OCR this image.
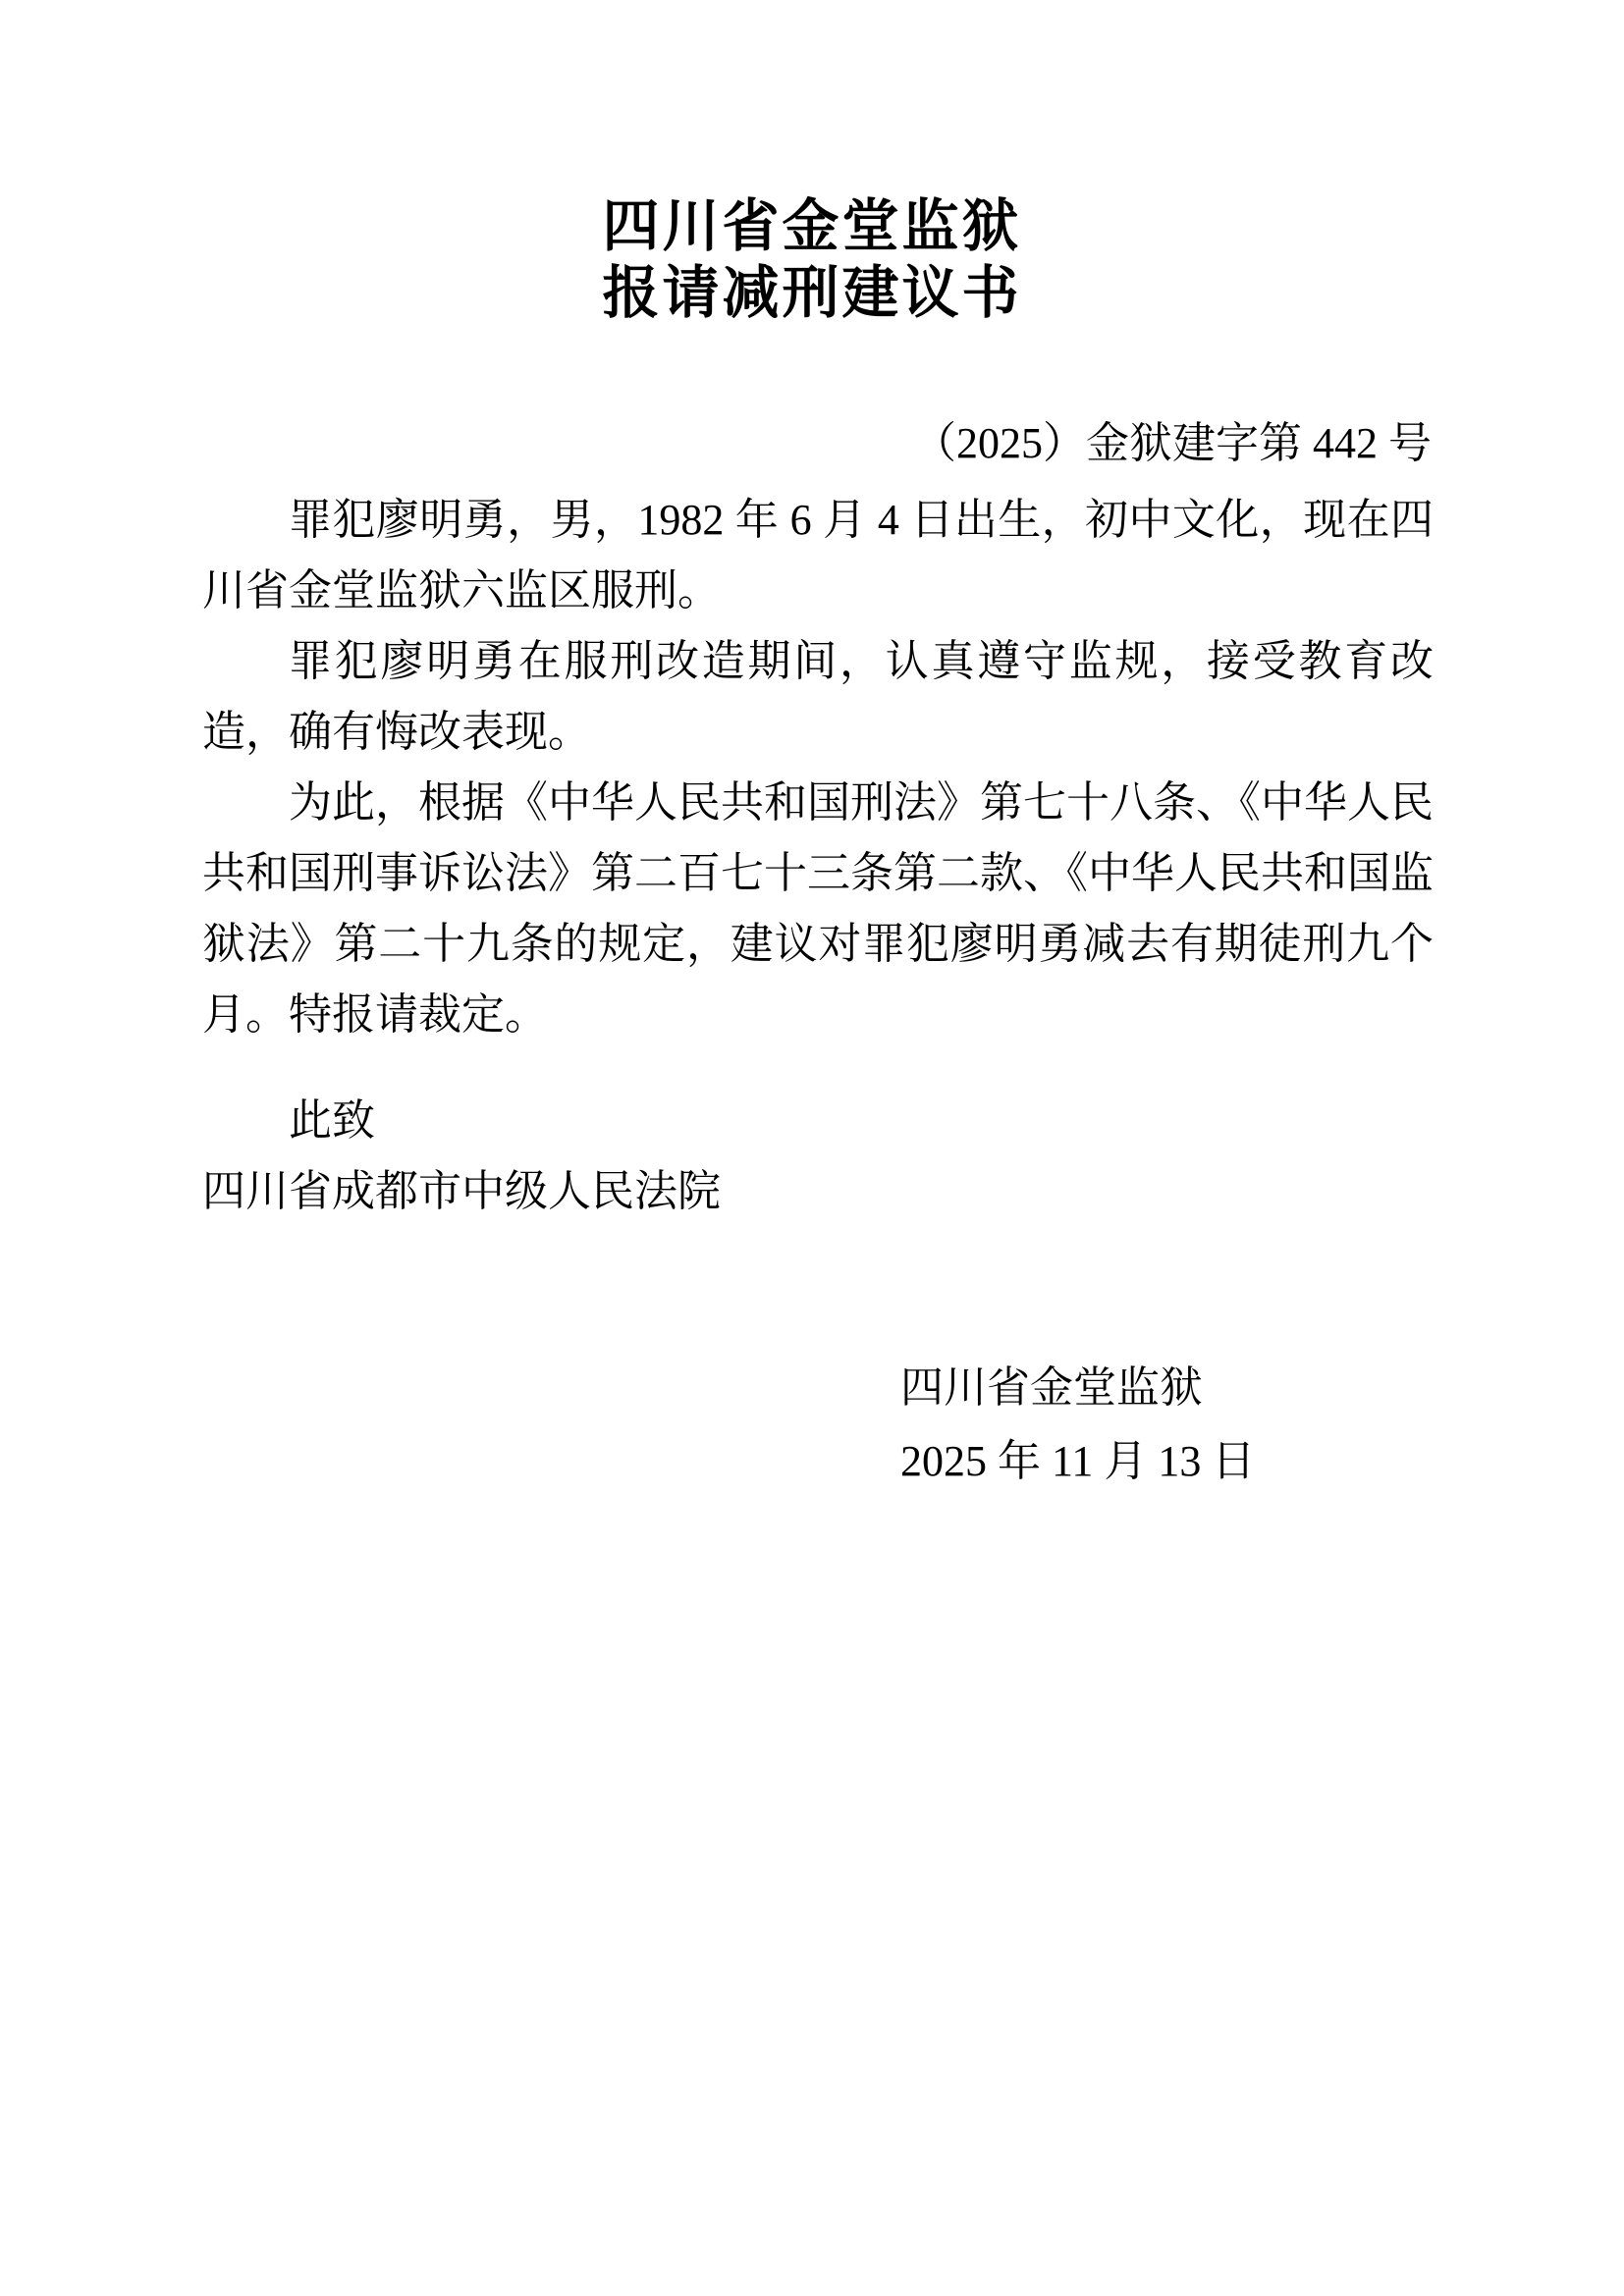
四川省金堂监狱
报请减刑建议书
（2025）金狱建字第 442 号

罪犯廖明勇，男，1982 年 6 月 4 日出生，初中文化，现在四川省金堂监狱六监区服刑。

罪犯廖明勇在服刑改造期间，认真遵守监规，接受教育改造，确有悔改表现。

为此，根据《中华人民共和国刑法》第七十八条、《中华人民共和国刑事诉讼法》第二百七十三条第二款、《中华人民共和国监狱法》第二十九条的规定，建议对罪犯廖明勇减去有期徒刑九个月。特报请裁定。

此致

四川省成都市中级人民法院

四川省金堂监狱
2025 年 11 月 13 日
